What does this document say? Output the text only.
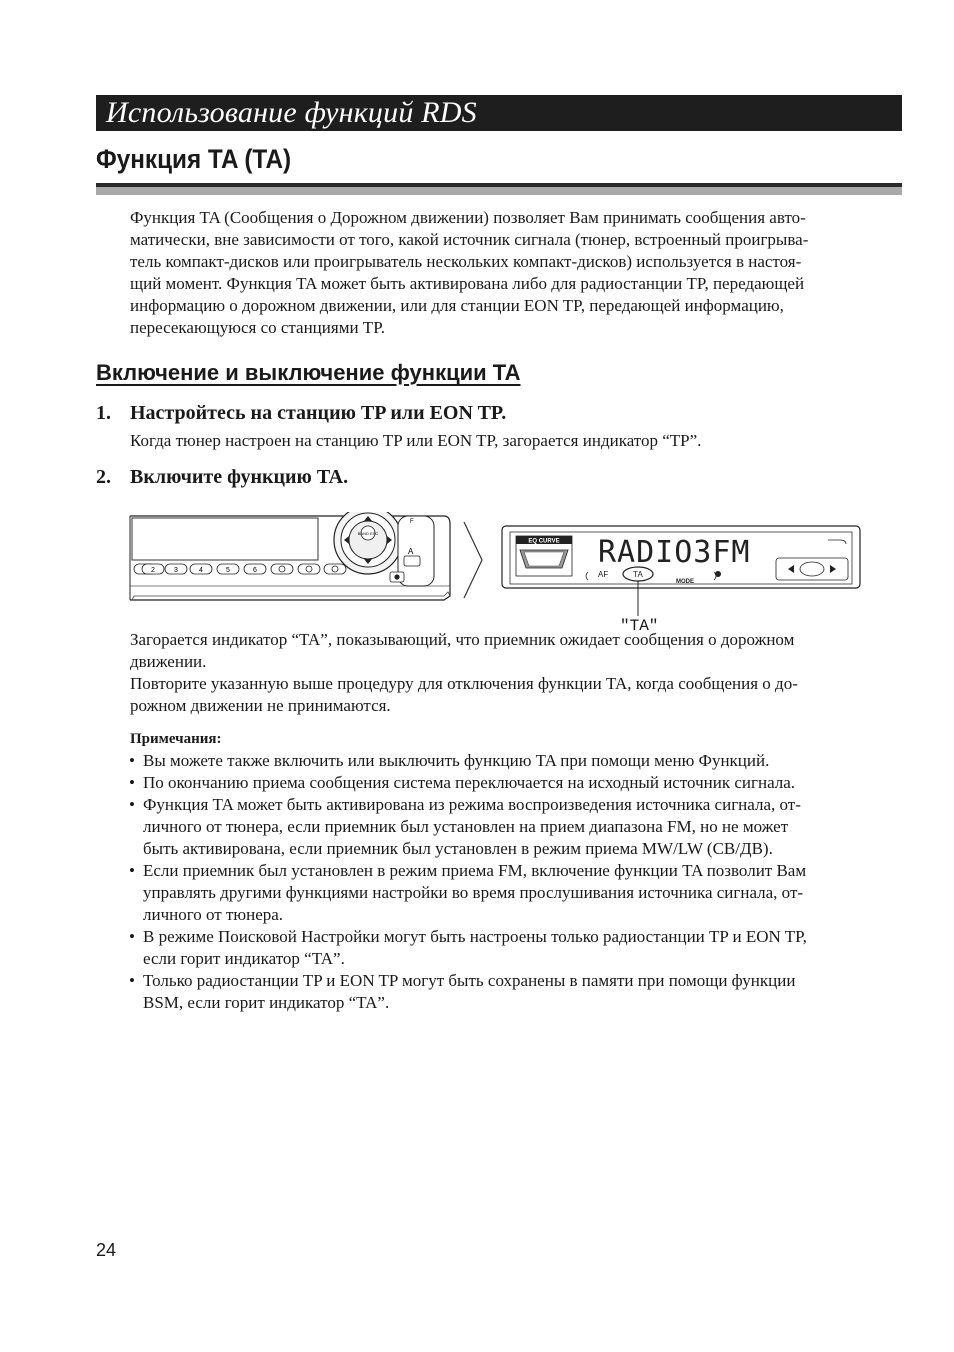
Использование функций RDS
Функция TA (TA)
Функция TA (Сообщения о Дорожном движении) позволяет Вам принимать сообщения авто-
матически, вне зависимости от того, какой источник сигнала (тюнер, встроенный проигрыва-
тель компакт-дисков или проигрыватель нескольких компакт-дисков) используется в настоя-
щий момент. Функция TA может быть активирована либо для радиостанции TP, передающей
информацию о дорожном движении, или для станции EON TP, передающей информацию,
пересекающуюся со станциями TP.
Включение и выключение функции TA
1. Настройтесь на станцию TP или EON TP.
Когда тюнер настроен на станцию TP или EON TP, загорается индикатор “TP”.
2. Включите функцию TA.
BAND ESC
F
A
2	3	4	5	6
EQ CURVE RADIO3FM
AF	TA
MODE
"TA"
Загорается индикатор “TA”, показывающий, что приемник ожидает сообщения о дорожном
движении.
Повторите указанную выше процедуру для отключения функции TA, когда сообщения о до-
рожном движении не принимаются.
Примечания:
• Вы можете также включить или выключить функцию TA при помощи меню Функций.
• По окончанию приема сообщения система переключается на исходный источник сигнала.
• Функция TA может быть активирована из режима воспроизведения источника сигнала, от-
личного от тюнера, если приемник был установлен на прием диапазона FM, но не может
быть активирована, если приемник был установлен в режим приема MW/LW (СВ/ДВ).
• Если приемник был установлен в режим приема FM, включение функции TA позволит Вам
управлять другими функциями настройки во время прослушивания источника сигнала, от-
личного от тюнера.
• В режиме Поисковой Настройки могут быть настроены только радиостанции TP и EON TP,
если горит индикатор “TA”.
• Только радиостанции TP и EON TP могут быть сохранены в памяти при помощи функции
BSM, если горит индикатор “TA”.
24
